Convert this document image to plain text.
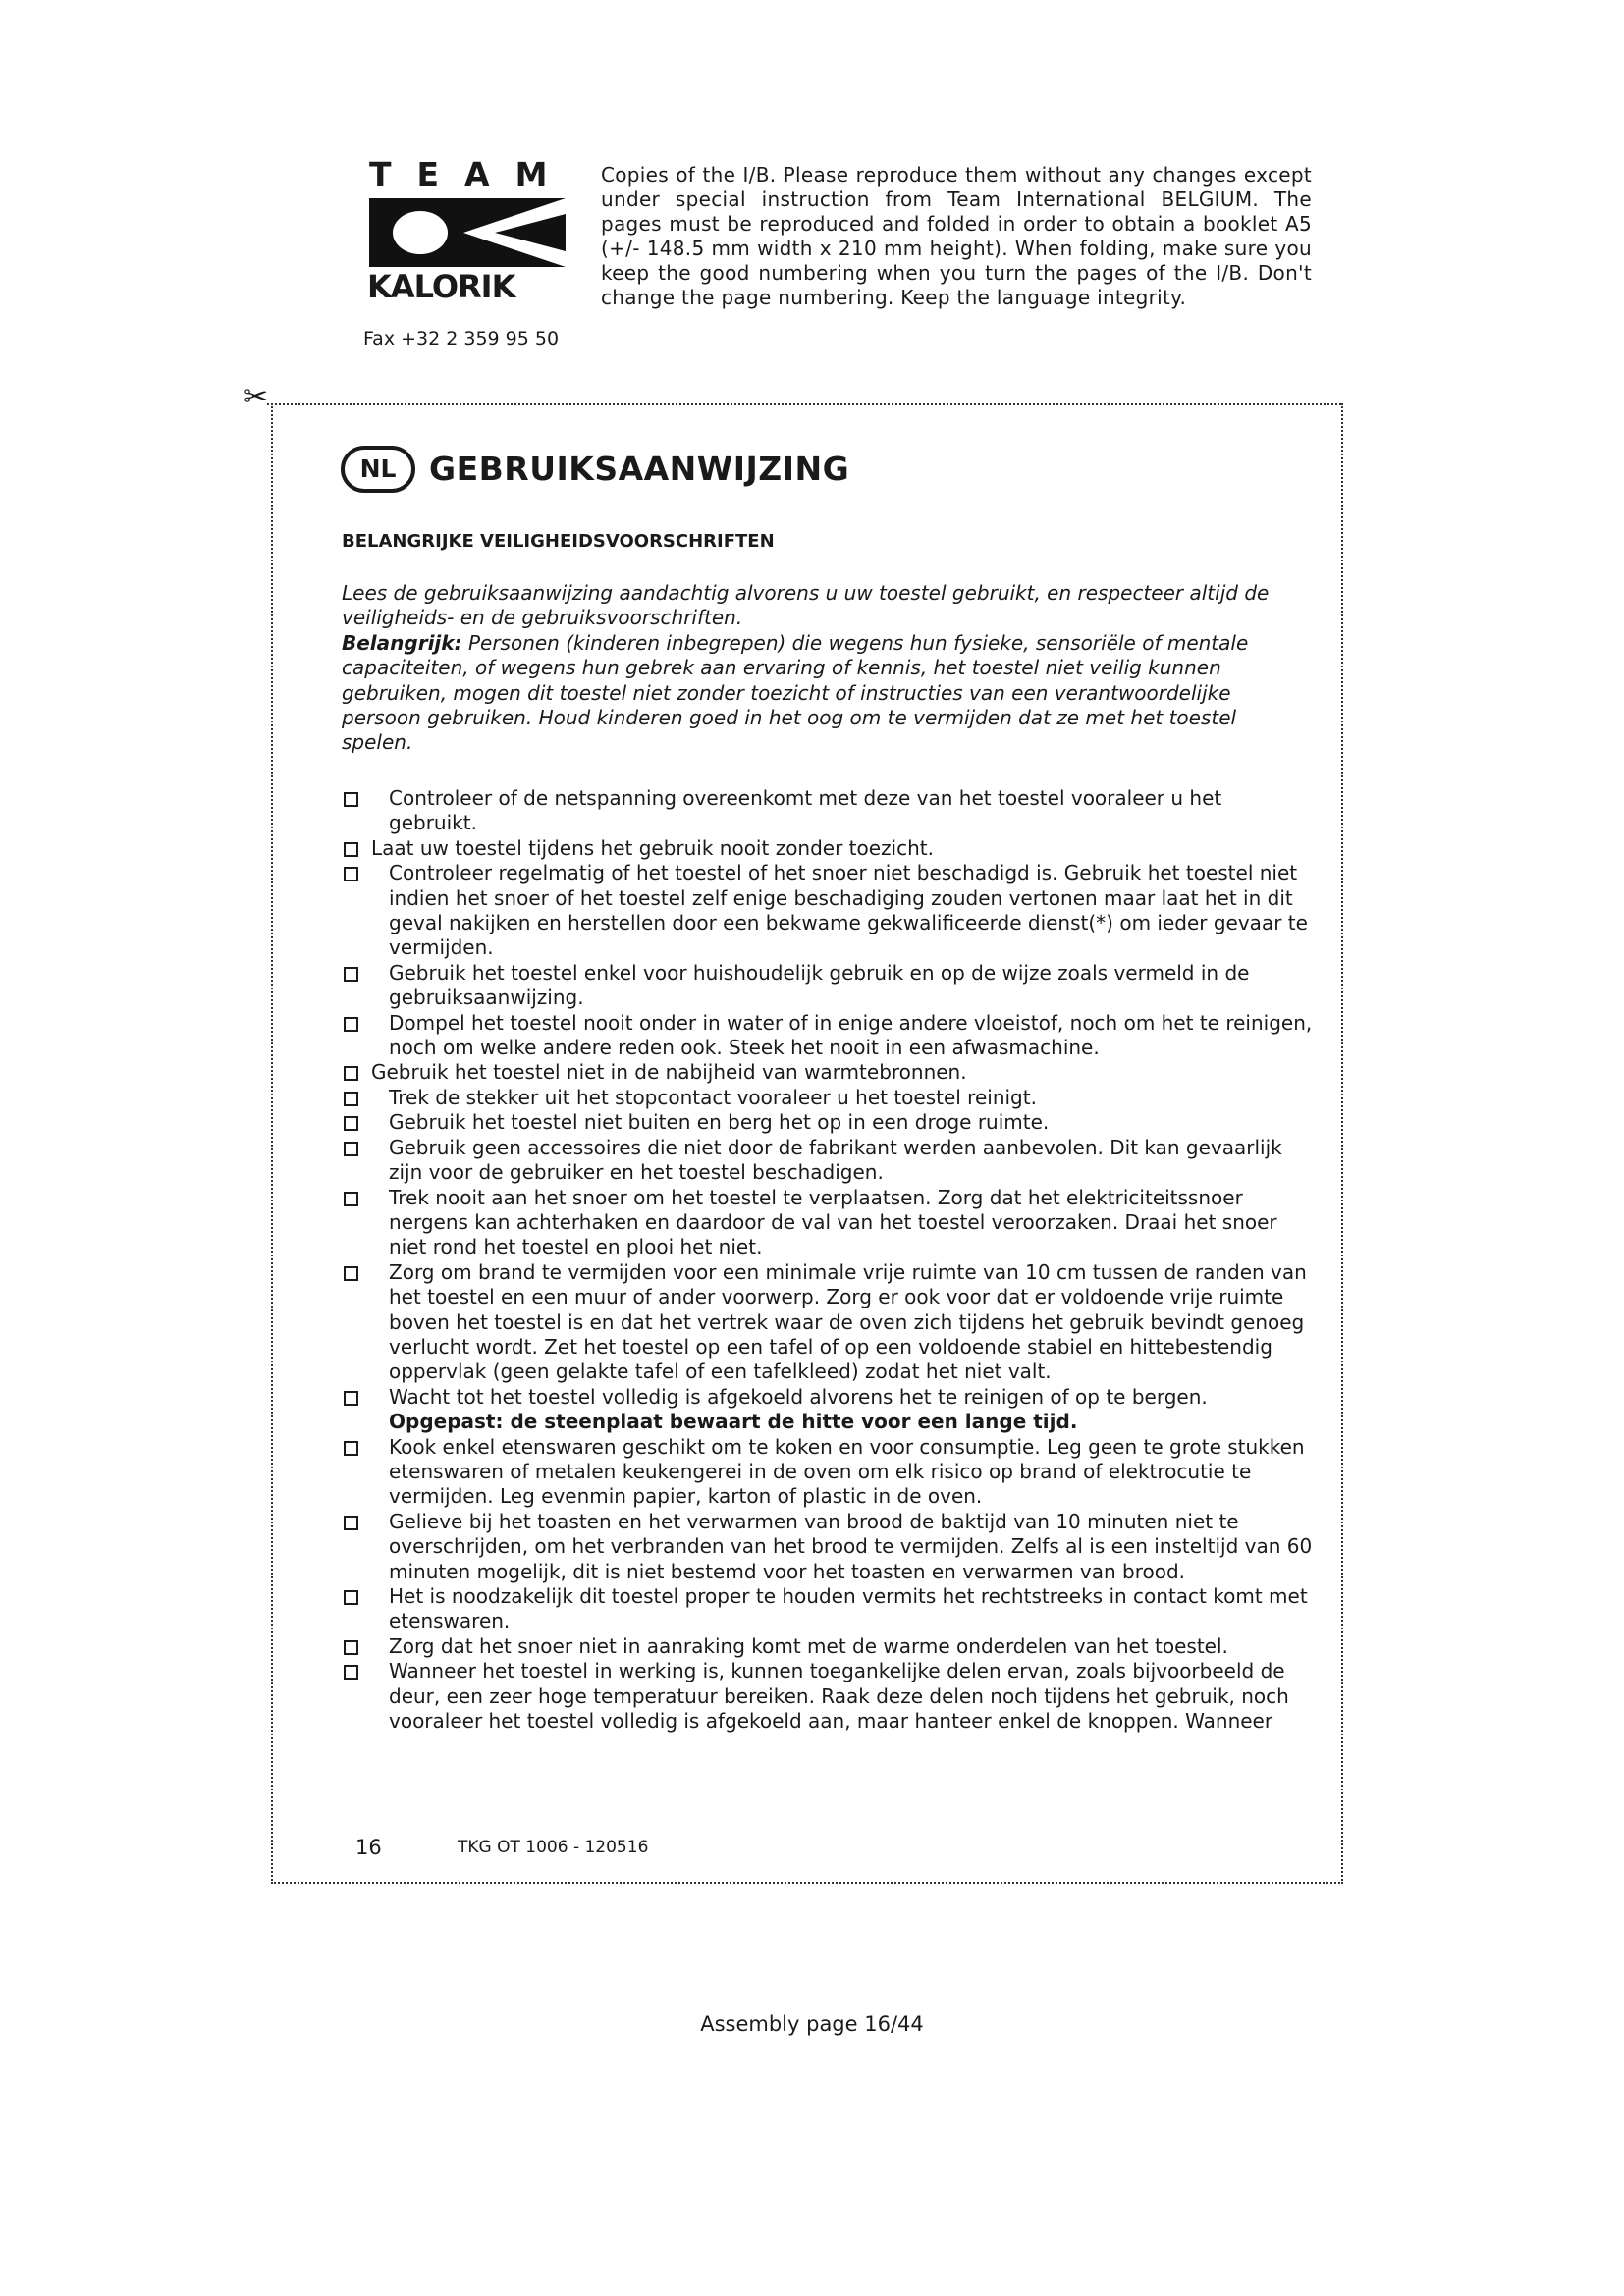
TEAM
KALORIK
Fax +32 2 359 95 50
Copies of the I/B. Please reproduce them without any changes except under special instruction from Team International BELGIUM. The pages must be reproduced and folded in order to obtain a booklet A5 (+/- 148.5 mm width x 210 mm height). When folding, make sure you keep the good numbering when you turn the pages of the I/B. Don't change the page numbering. Keep the language integrity.
✂
NL	GEBRUIKSAANWIJZING
BELANGRIJKE VEILIGHEIDSVOORSCHRIFTEN

Lees de gebruiksaanwijzing aandachtig alvorens u uw toestel gebruikt, en respecteer altijd de veiligheids- en de gebruiksvoorschriften.

Belangrijk: Personen (kinderen inbegrepen) die wegens hun fysieke, sensoriële of mentale capaciteiten, of wegens hun gebrek aan ervaring of kennis, het toestel niet veilig kunnen gebruiken, mogen dit toestel niet zonder toezicht of instructies van een verantwoordelijke persoon gebruiken. Houd kinderen goed in het oog om te vermijden dat ze met het toestel spelen.

Controleer of de netspanning overeenkomt met deze van het toestel vooraleer u het gebruikt.
Laat uw toestel tijdens het gebruik nooit zonder toezicht.
Controleer regelmatig of het toestel of het snoer niet beschadigd is. Gebruik het toestel niet indien het snoer of het toestel zelf enige beschadiging zouden vertonen maar laat het in dit geval nakijken en herstellen door een bekwame gekwalificeerde dienst(*) om ieder gevaar te vermijden.
Gebruik het toestel enkel voor huishoudelijk gebruik en op de wijze zoals vermeld in de gebruiksaanwijzing.
Dompel het toestel nooit onder in water of in enige andere vloeistof, noch om het te reinigen, noch om welke andere reden ook. Steek het nooit in een afwasmachine.
Gebruik het toestel niet in de nabijheid van warmtebronnen.
Trek de stekker uit het stopcontact vooraleer u het toestel reinigt.
Gebruik het toestel niet buiten en berg het op in een droge ruimte.
Gebruik geen accessoires die niet door de fabrikant werden aanbevolen. Dit kan gevaarlijk zijn voor de gebruiker en het toestel beschadigen.
Trek nooit aan het snoer om het toestel te verplaatsen. Zorg dat het elektriciteitssnoer nergens kan achterhaken en daardoor de val van het toestel veroorzaken. Draai het snoer niet rond het toestel en plooi het niet.
Zorg om brand te vermijden voor een minimale vrije ruimte van 10 cm tussen de randen van het toestel en een muur of ander voorwerp. Zorg er ook voor dat er voldoende vrije ruimte boven het toestel is en dat het vertrek waar de oven zich tijdens het gebruik bevindt genoeg verlucht wordt. Zet het toestel op een tafel of op een voldoende stabiel en hittebestendig oppervlak (geen gelakte tafel of een tafelkleed) zodat het niet valt.
Wacht tot het toestel volledig is afgekoeld alvorens het te reinigen of op te bergen.
Opgepast: de steenplaat bewaart de hitte voor een lange tijd.
Kook enkel etenswaren geschikt om te koken en voor consumptie. Leg geen te grote stukken etenswaren of metalen keukengerei in de oven om elk risico op brand of elektrocutie te vermijden. Leg evenmin papier, karton of plastic in de oven.
Gelieve bij het toasten en het verwarmen van brood de baktijd van 10 minuten niet te overschrijden, om het verbranden van het brood te vermijden. Zelfs al is een insteltijd van 60 minuten mogelijk, dit is niet bestemd voor het toasten en verwarmen van brood.
Het is noodzakelijk dit toestel proper te houden vermits het rechtstreeks in contact komt met etenswaren.
Zorg dat het snoer niet in aanraking komt met de warme onderdelen van het toestel.
Wanneer het toestel in werking is, kunnen toegankelijke delen ervan, zoals bijvoorbeeld de deur, een zeer hoge temperatuur bereiken. Raak deze delen noch tijdens het gebruik, noch vooraleer het toestel volledig is afgekoeld aan, maar hanteer enkel de knoppen. Wanneer
16	TKG OT 1006 - 120516
Assembly page 16/44
